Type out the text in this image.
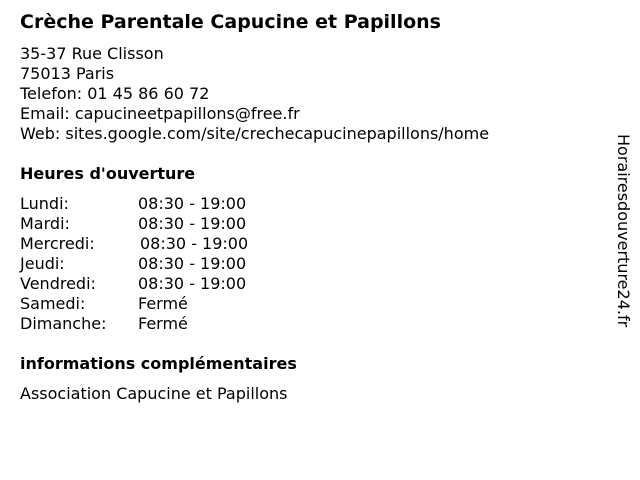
Crèche Parentale Capucine et Papillons
35-37 Rue Clisson
75013 Paris
Telefon: 01 45 86 60 72
Email: capucineetpapillons@free.fr
Web: sites.google.com/site/crechecapucinepapillons/home
Heures d'ouverture
Lundi:	08:30 - 19:00
Mardi:	08:30 - 19:00
Mercredi:	08:30 - 19:00
Jeudi:	08:30 - 19:00
Vendredi:	08:30 - 19:00
Samedi:	Fermé
Dimanche: Fermé
informations complémentaires
Association Capucine et Papillons
Horairesdouverture24.fr
